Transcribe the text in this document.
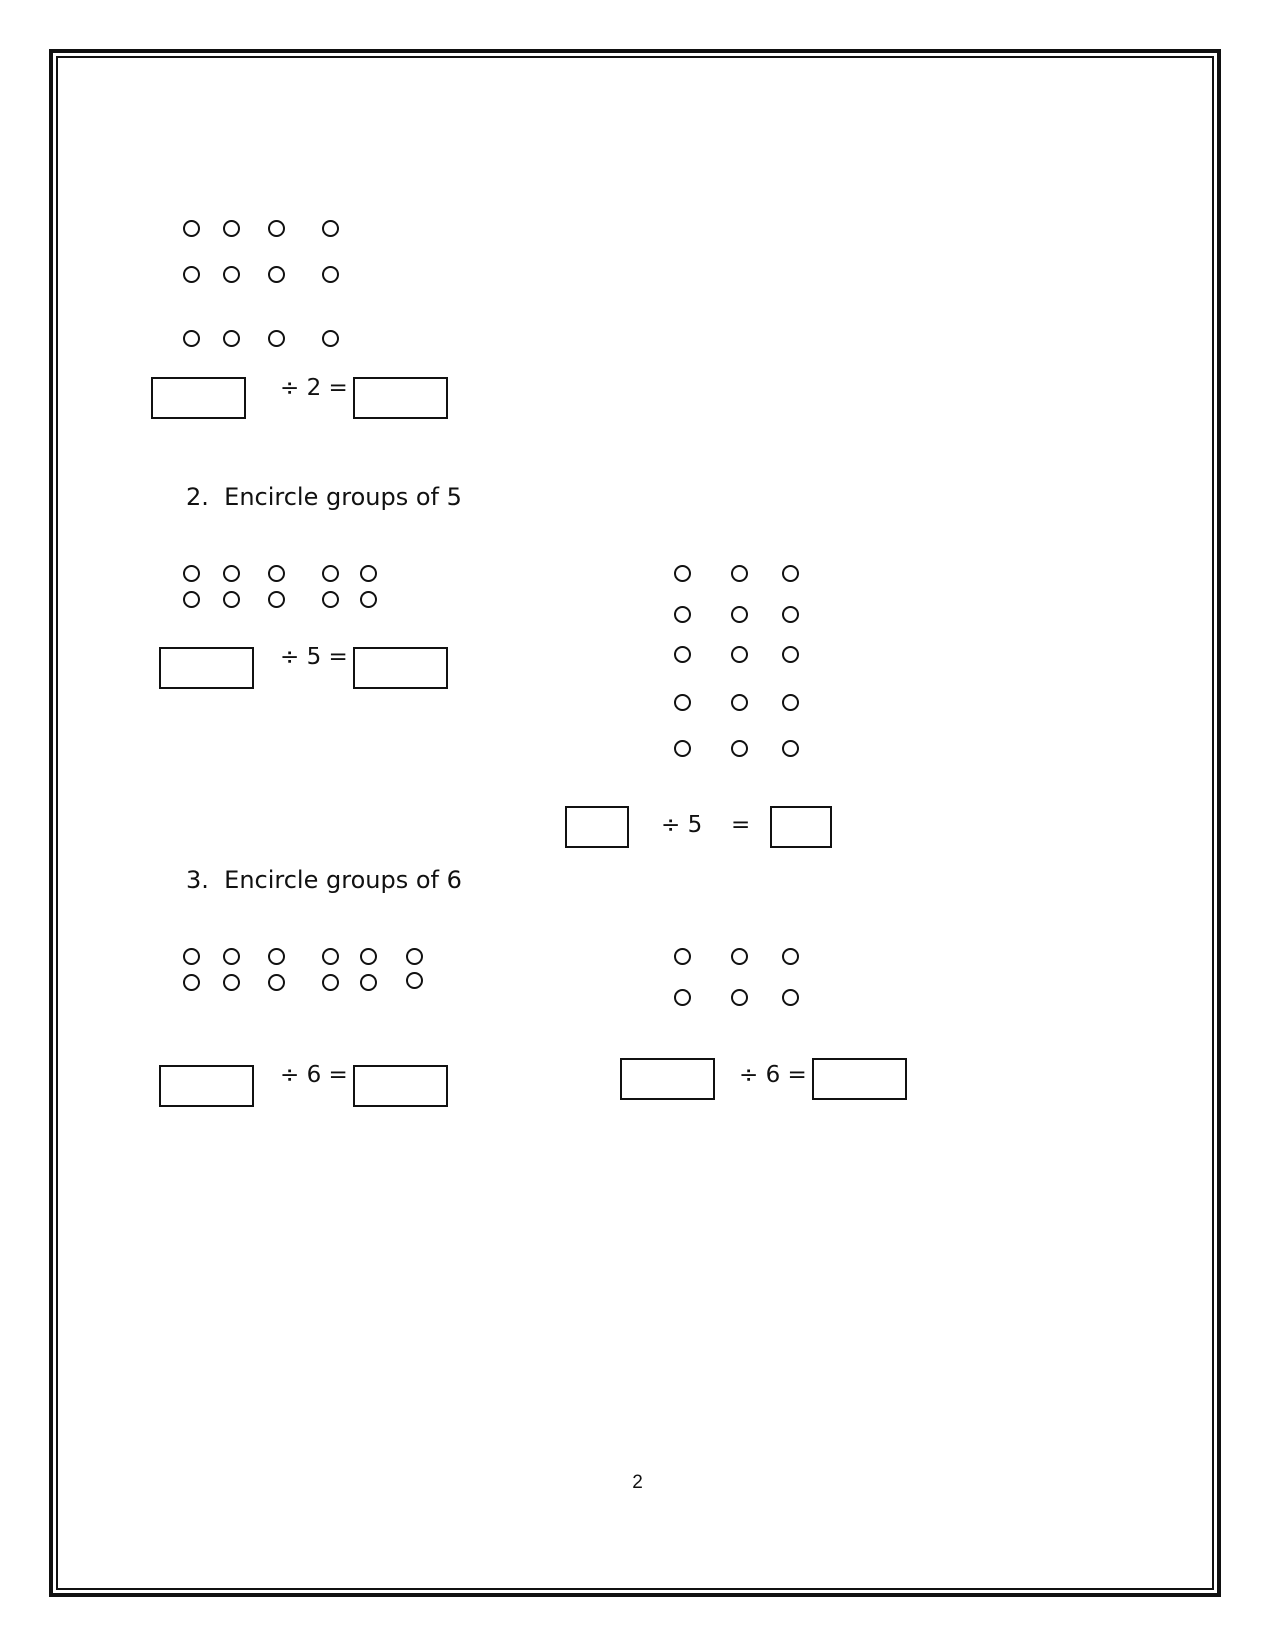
÷ 2 =
2.  Encircle groups of 5
÷ 5 =
÷ 5 =
3.  Encircle groups of 6
÷ 6 =	÷ 6 =
2
